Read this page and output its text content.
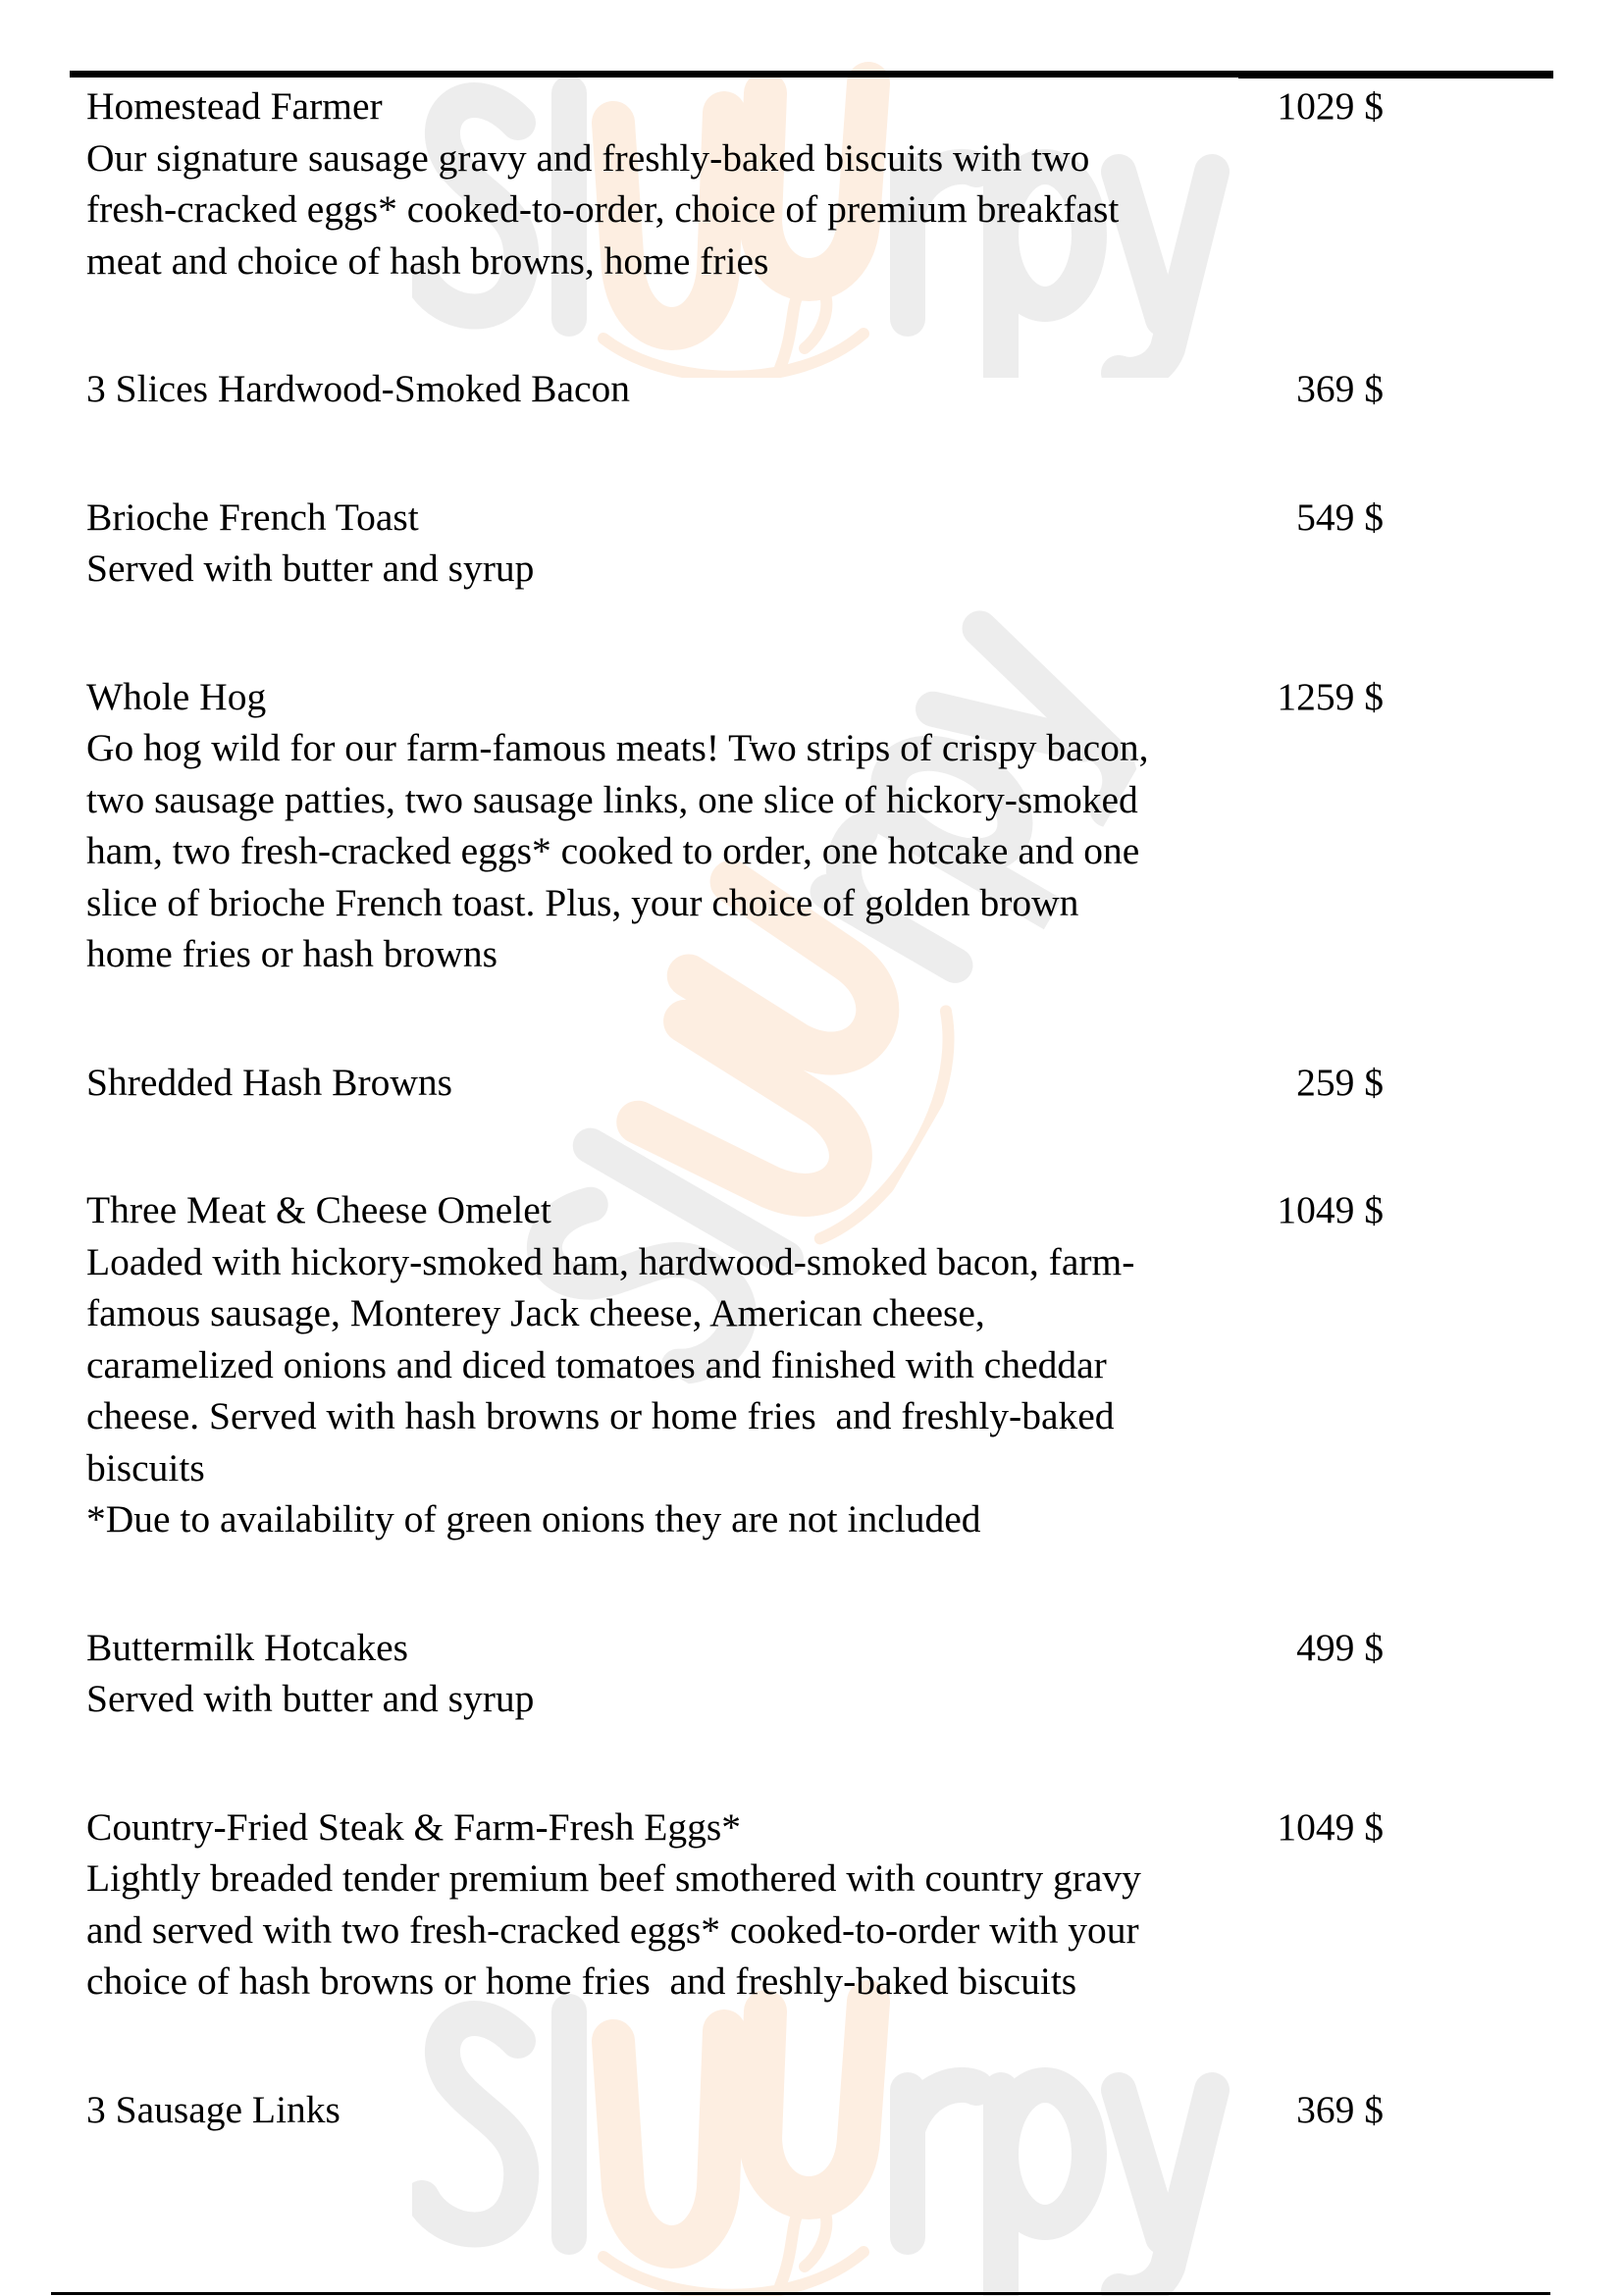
Homestead Farmer	1029 $
Our signature sausage gravy and freshly-baked biscuits with two
fresh-cracked eggs* cooked-to-order, choice of premium breakfast
meat and choice of hash browns, home fries
3 Slices Hardwood-Smoked Bacon	369 $
Brioche French Toast	549 $
Served with butter and syrup
Whole Hog	1259 $
Go hog wild for our farm-famous meats! Two strips of crispy bacon,
two sausage patties, two sausage links, one slice of hickory-smoked
ham, two fresh-cracked eggs* cooked to order, one hotcake and one
slice of brioche French toast. Plus, your choice of golden brown
home fries or hash browns
Shredded Hash Browns	259 $
Three Meat & Cheese Omelet	1049 $
Loaded with hickory-smoked ham, hardwood-smoked bacon, farm-
famous sausage, Monterey Jack cheese, American cheese,
caramelized onions and diced tomatoes and finished with cheddar
cheese. Served with hash browns or home fries  and freshly-baked
biscuits
*Due to availability of green onions they are not included
Buttermilk Hotcakes	499 $
Served with butter and syrup
Country-Fried Steak & Farm-Fresh Eggs*	1049 $
Lightly breaded tender premium beef smothered with country gravy
and served with two fresh-cracked eggs* cooked-to-order with your
choice of hash browns or home fries  and freshly-baked biscuits
3 Sausage Links	369 $
